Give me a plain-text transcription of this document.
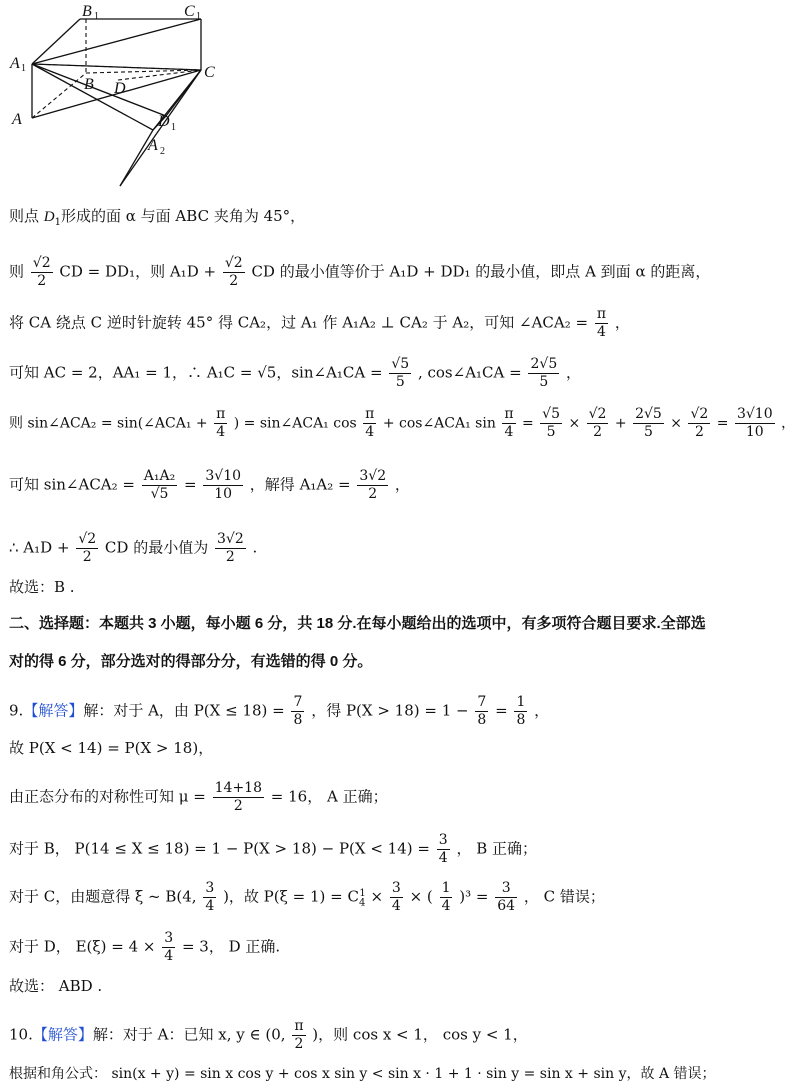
B 1	C 1
A 1
B D
C
A	D 1
A 2
则点 $D_1$形成的面 α 与面 ABC 夹角为 45°，
则 $\frac{√2}{2}$ CD = DD₁，则 $A_1D + \frac{√2}{2}$ CD 的最小值等价于 A₁D + DD₁ 的最小值，即点 A 到面 α 的距离，
将 CA 绕点 C 逆时针旋转 45° 得 CA₂，过 A₁ 作 A₁A₂ ⊥ CA₂ 于 A₂，可知 ∠ACA₂ = $\frac{\pi}{4}$ ，
可知 AC = 2，AA₁ = 1，∴ A₁C = √5，sin∠A₁CA = $\frac{√5}{5}$ , cos∠A₁CA = $\frac{2√5}{5}$ ，
则 sin∠ACA₂ = sin(∠ACA₁ + $\frac{\pi}{4}$ ) = sin∠ACA₁ $\cos \frac{\pi}{4}$ + cos∠ACA₁ $\sin \frac{\pi}{4} = \frac{√5}{5} \times \frac{√2}{2} + \frac{2√5}{5} \times \frac{√2}{2} = \frac{3√10}{10}$ ，
可知 sin∠ACA₂ = $\frac{\text{A₁A₂}}{√5} = \frac{3√10}{10}$ ，解得 $A_1A_2 = \frac{3√2}{2}$ ，
∴ $A_1D + \frac{√2}{2}$ CD 的最小值为 $\frac{3√2}{2}$ .
故选：B .
二、选择题：本题共 3 小题，每小题 6 分，共 18 分.在每小题给出的选项中，有多项符合题目要求.全部选
对的得 6 分，部分选对的得部分分，有选错的得 0 分。
9.【解答】解：对于 A，由 $P(X \le 18) = \frac{7}{8}$ ，得 $P(X > 18) = 1 - \frac{7}{8} = \frac{1}{8}$ ，
故 P(X < 14) = P(X > 18)，
由正态分布的对称性可知 $\mu = \frac{14+18}{2} = 16$， A 正确；
对于 B， $P(14 \le X \le 18) = 1 - P(X > 18) - P(X < 14) = \frac{3}{4}$ ， B 正确；
对于 C，由题意得 ξ ~ B(4, $\frac{3}{4}$ )，故 $P(\xi = 1) = C_4^1 \times \frac{3}{4}$ × ( $\frac{1}{4} )^3 = \frac{3}{64}$ ， C 错误；
对于 D， $E(\xi) = 4 \times \frac{3}{4} = 3$， D 正确.
故选： ABD .
10.【解答】解：对于 A：已知 x, y ∈ (0, $\frac{\pi}{2}$ )，则 cos x < 1， cos y < 1，
根据和角公式： sin(x + y) = sin x cos y + cos x sin y < sin x · 1 + 1 · sin y = sin x + sin y，故 A 错误；
